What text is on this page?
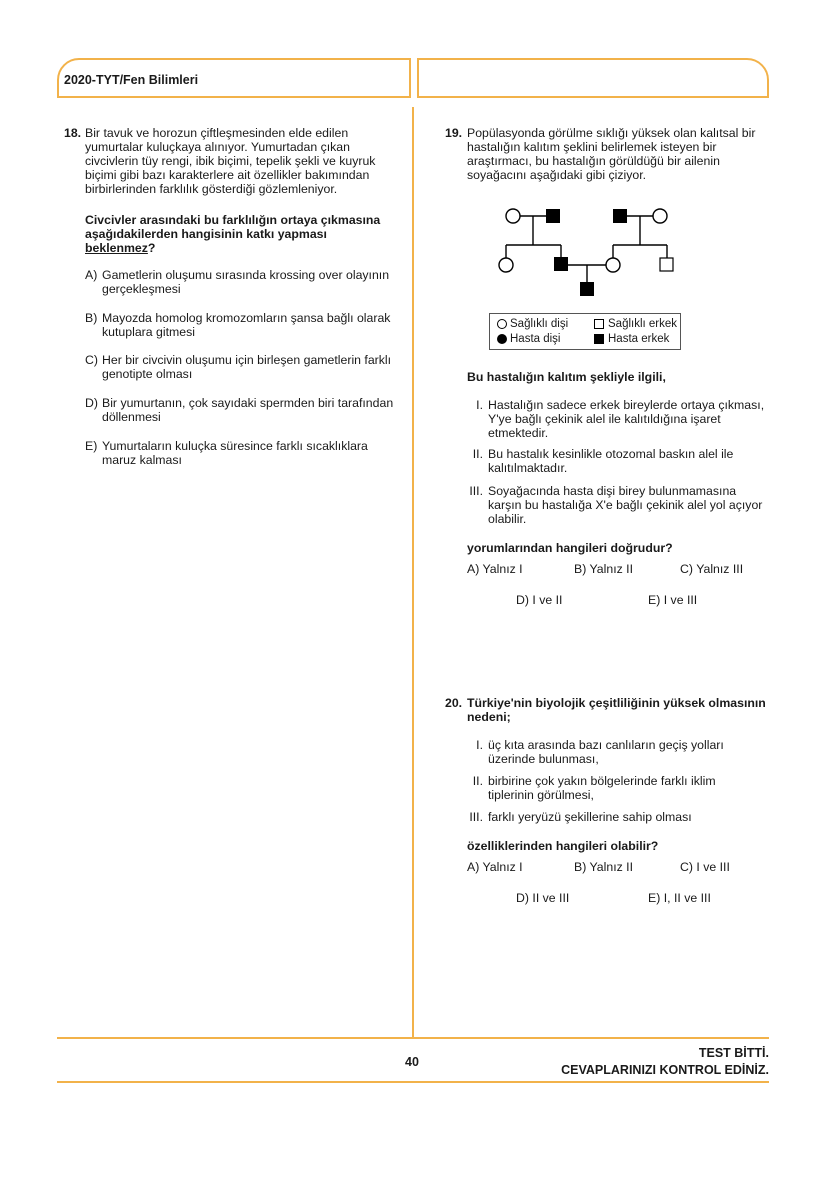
2020-TYT/Fen Bilimleri
18. Bir tavuk ve horozun çiftleşmesinden elde edilen
yumurtalar kuluçkaya alınıyor. Yumurtadan çıkan
civcivlerin tüy rengi, ibik biçimi, tepelik şekli ve kuyruk
biçimi gibi bazı karakterlere ait özellikler bakımından
birbirlerinden farklılık gösterdiği gözlemleniyor.
Civcivler arasındaki bu farklılığın ortaya çıkmasına
aşağıdakilerden hangisinin katkı yapması
beklenmez?
A) Gametlerin oluşumu sırasında krossing over olayının
gerçekleşmesi
B) Mayozda homolog kromozomların şansa bağlı olarak
kutuplara gitmesi
C) Her bir civcivin oluşumu için birleşen gametlerin farklı
genotipte olması
D) Bir yumurtanın, çok sayıdaki spermden biri tarafından
döllenmesi
E) Yumurtaların kuluçka süresince farklı sıcaklıklara
maruz kalması
19. Popülasyonda görülme sıklığı yüksek olan kalıtsal bir
hastalığın kalıtım şeklini belirlemek isteyen bir
araştırmacı, bu hastalığın görüldüğü bir ailenin
soyağacını aşağıdaki gibi çiziyor.
Sağlıklı dişi	Sağlıklı erkek
Hasta dişi	Hasta erkek
Bu hastalığın kalıtım şekliyle ilgili,
I. Hastalığın sadece erkek bireylerde ortaya çıkması,
Y'ye bağlı çekinik alel ile kalıtıldığına işaret
etmektedir.
II. Bu hastalık kesinlikle otozomal baskın alel ile
kalıtılmaktadır.
III. Soyağacında hasta dişi birey bulunmamasına
karşın bu hastalığa X'e bağlı çekinik alel yol açıyor
olabilir.
yorumlarından hangileri doğrudur?
A) Yalnız I	B) Yalnız II	C) Yalnız III
D) I ve II	E) I ve III
20. Türkiye'nin biyolojik çeşitliliğinin yüksek olmasının
nedeni;
I. üç kıta arasında bazı canlıların geçiş yolları
üzerinde bulunması,
II. birbirine çok yakın bölgelerinde farklı iklim
tiplerinin görülmesi,
III. farklı yeryüzü şekillerine sahip olması
özelliklerinden hangileri olabilir?
A) Yalnız I	B) Yalnız II	C) I ve III
D) II ve III	E) I, II ve III
40
TEST BİTTİ.
CEVAPLARINIZI KONTROL EDİNİZ.
